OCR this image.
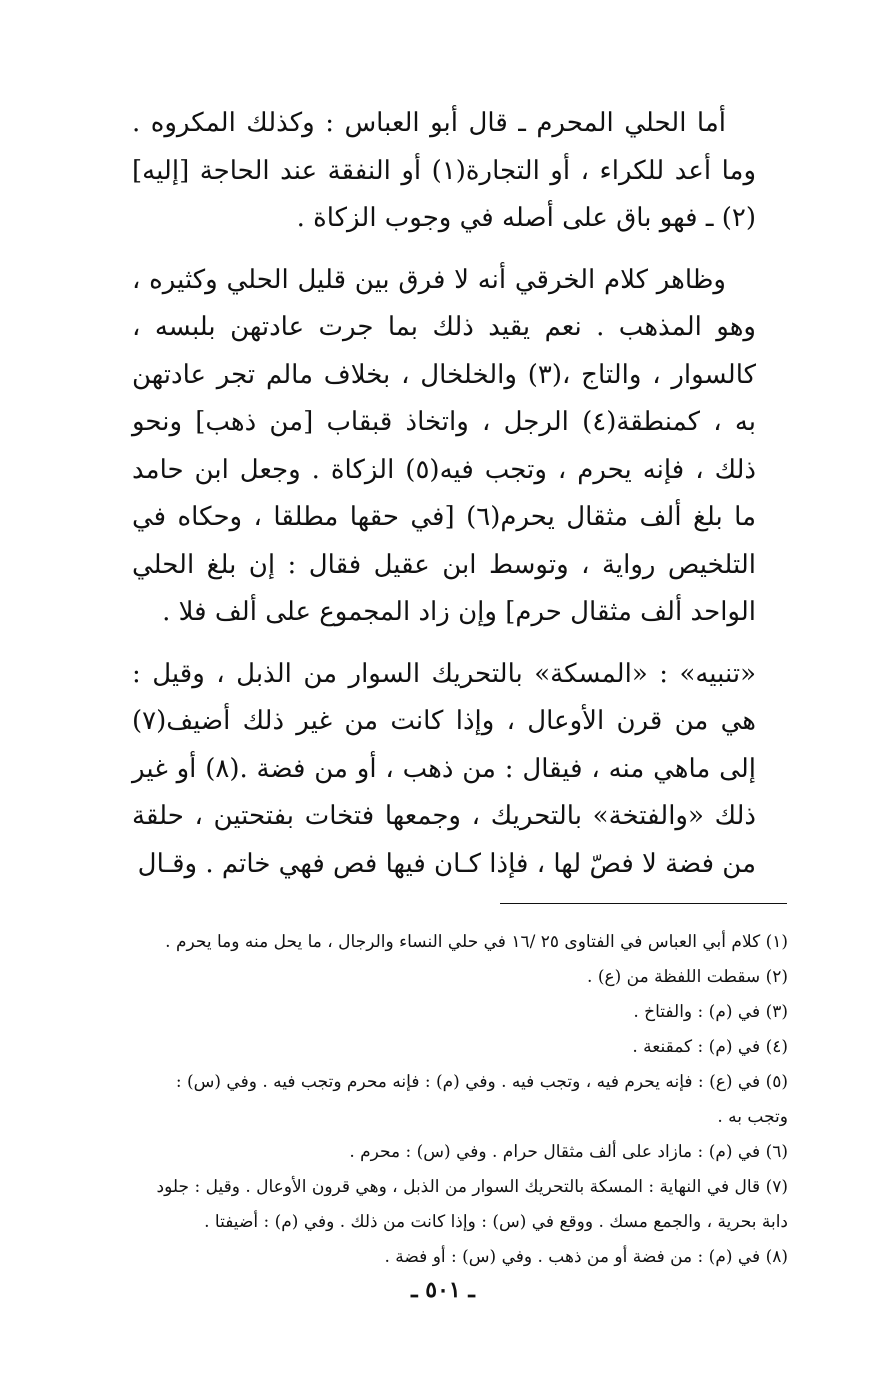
أما الحلي المحرم ـ قال أبو العباس : وكذلك المكروه . وما أعد للكراء ، أو التجارة(١) أو النفقة عند الحاجة [إليه](٢) ـ فهو باق على أصله في وجوب الزكاة .

وظاهر كلام الخرقي أنه لا فرق بين قليل الحلي وكثيره ، وهو المذهب . نعم يقيد ذلك بما جرت عادتهن بلبسه ، كالسوار ، والتاج ،(٣) والخلخال ، بخلاف مالم تجر عادتهن به ، كمنطقة(٤) الرجل ، واتخاذ قبقاب [من ذهب] ونحو ذلك ، فإنه يحرم ، وتجب فيه(٥) الزكاة . وجعل ابن حامد ما بلغ ألف مثقال يحرم(٦) [في حقها مطلقا ، وحكاه في التلخيص رواية ، وتوسط ابن عقيل فقال : إن بلغ الحلي الواحد ألف مثقال حرم] وإن زاد المجموع على ألف فلا .

«تنبيه» : «المسكة» بالتحريك السوار من الذبل ، وقيل : هي من قرن الأوعال ، وإذا كانت من غير ذلك أضيف(٧) إلى ماهي منه ، فيقال : من ذهب ، أو من فضة .(٨) أو غير ذلك «والفتخة» بالتحريك ، وجمعها فتخات بفتحتين ، حلقة من فضة لا فصّ لها ، فإذا كـان فيها فص فهي خاتم . وقـال

(١) كلام أبي العباس في الفتاوى ٢٥ /١٦ في حلي النساء والرجال ، ما يحل منه وما يحرم .

(٢) سقطت اللفظة من (ع) .

(٣) في (م) : والفتاخ .

(٤) في (م) : كمقنعة .

(٥) في (ع) : فإنه يحرم فيه ، وتجب فيه . وفي (م) : فإنه محرم وتجب فيه . وفي (س) : وتجب به .

(٦) في (م) : مازاد على ألف مثقال حرام . وفي (س) : محرم .

(٧) قال في النهاية : المسكة بالتحريك السوار من الذبل ، وهي قرون الأوعال . وقيل : جلود دابة بحرية ، والجمع مسك . ووقع في (س) : وإذا كانت من ذلك . وفي (م) : أضيفتا .

(٨) في (م) : من فضة أو من ذهب . وفي (س) : أو فضة .

ـ ٥٠١ ـ
